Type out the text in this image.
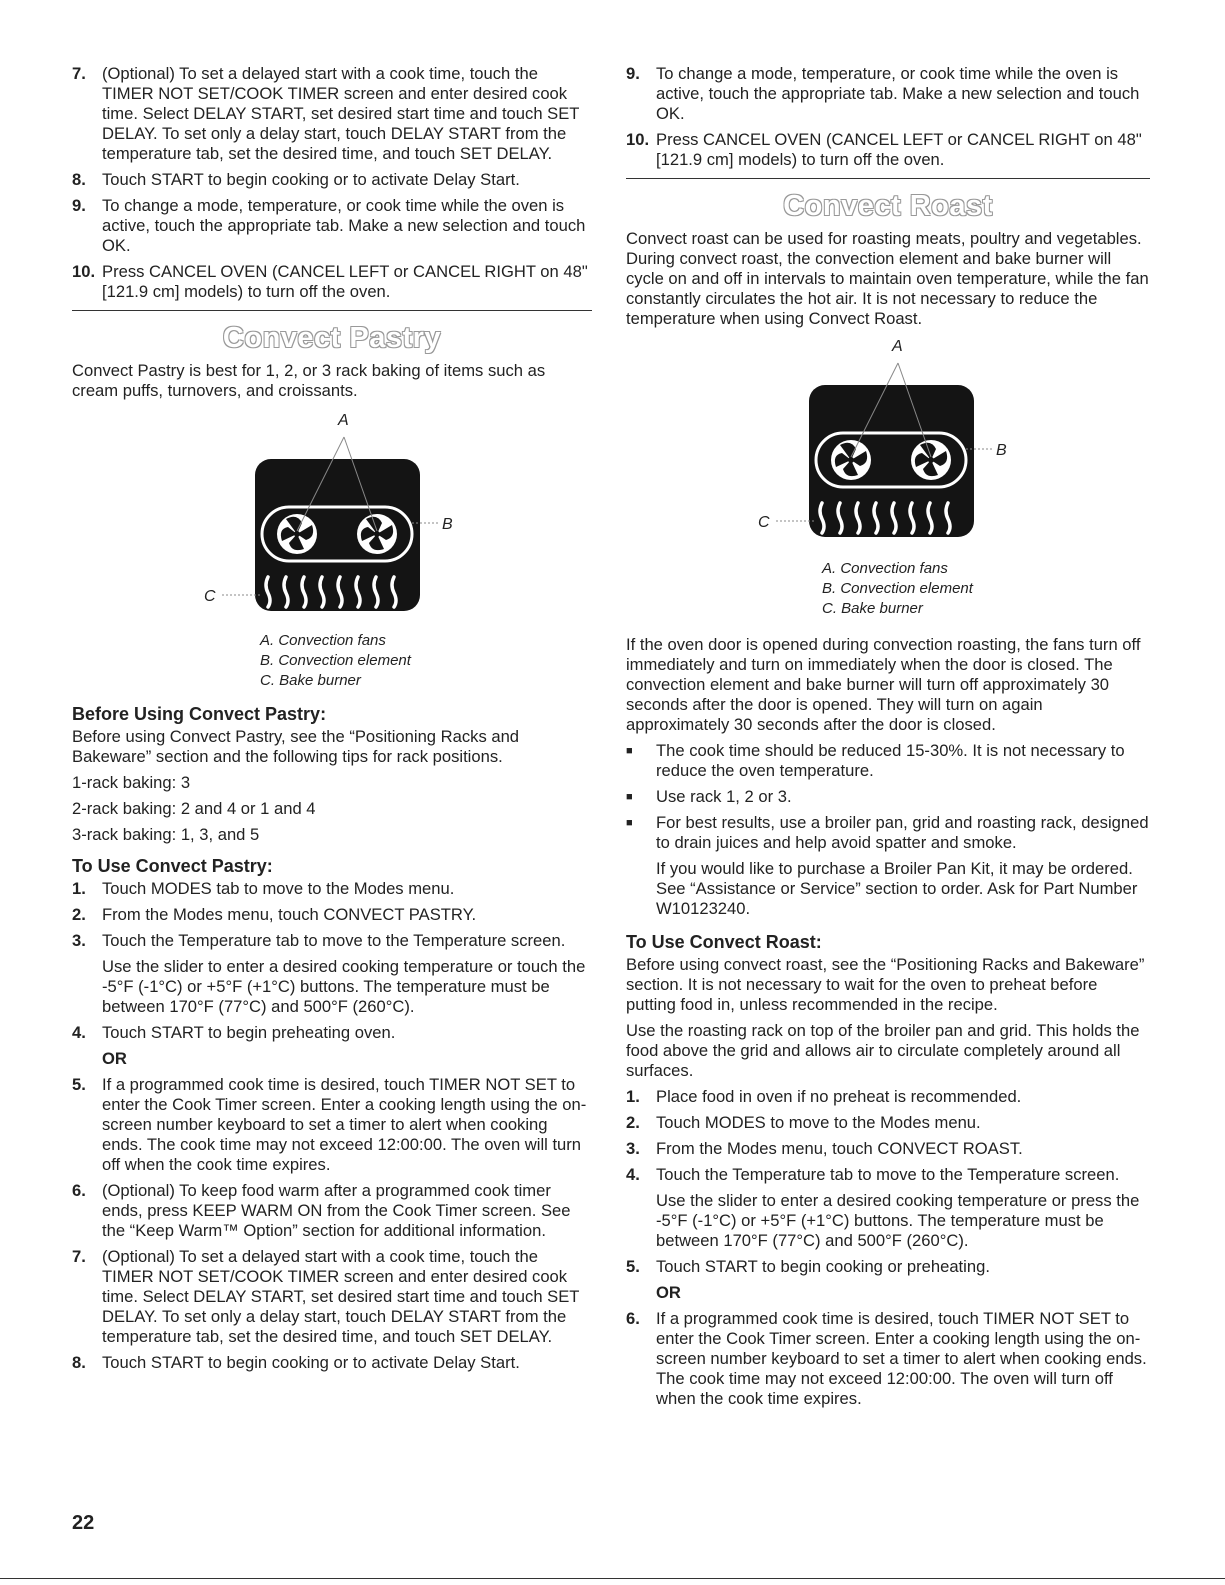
7. (Optional) To set a delayed start with a cook time, touch the TIMER NOT SET/COOK TIMER screen and enter desired cook time. Select DELAY START, set desired start time and touch SET DELAY. To set only a delay start, touch DELAY START from the temperature tab, set the desired time, and touch SET DELAY.
8. Touch START to begin cooking or to activate Delay Start.
9. To change a mode, temperature, or cook time while the oven is active, touch the appropriate tab. Make a new selection and touch OK.
10. Press CANCEL OVEN (CANCEL LEFT or CANCEL RIGHT on 48" [121.9 cm] models) to turn off the oven.
Convect Pastry

Convect Pastry is best for 1, 2, or 3 rack baking of items such as cream puffs, turnovers, and croissants.

A
B
C
A. Convection fans
B. Convection element
C. Bake burner
Before Using Convect Pastry:

Before using Convect Pastry, see the “Positioning Racks and Bakeware” section and the following tips for rack positions.

1-rack baking: 3

2-rack baking: 2 and 4 or 1 and 4

3-rack baking: 1, 3, and 5

To Use Convect Pastry:
1. Touch MODES tab to move to the Modes menu.
2. From the Modes menu, touch CONVECT PASTRY.
3. Touch the Temperature tab to move to the Temperature screen.

Use the slider to enter a desired cooking temperature or touch the -5°F (-1°C) or +5°F (+1°C) buttons. The temperature must be between 170°F (77°C) and 500°F (260°C).

4. Touch START to begin preheating oven.
OR
5. If a programmed cook time is desired, touch TIMER NOT SET to enter the Cook Timer screen. Enter a cooking length using the on-screen number keyboard to set a timer to alert when cooking ends. The cook time may not exceed 12:00:00. The oven will turn off when the cook time expires.
6. (Optional) To keep food warm after a programmed cook timer ends, press KEEP WARM ON from the Cook Timer screen. See the “Keep Warm™ Option” section for additional information.
7. (Optional) To set a delayed start with a cook time, touch the TIMER NOT SET/COOK TIMER screen and enter desired cook time. Select DELAY START, set desired start time and touch SET DELAY. To set only a delay start, touch DELAY START from the temperature tab, set the desired time, and touch SET DELAY.
8. Touch START to begin cooking or to activate Delay Start.
9. To change a mode, temperature, or cook time while the oven is active, touch the appropriate tab. Make a new selection and touch OK.
10. Press CANCEL OVEN (CANCEL LEFT or CANCEL RIGHT on 48" [121.9 cm] models) to turn off the oven.
Convect Roast

Convect roast can be used for roasting meats, poultry and vegetables. During convect roast, the convection element and bake burner will cycle on and off in intervals to maintain oven temperature, while the fan constantly circulates the hot air. It is not necessary to reduce the temperature when using Convect Roast.

A
B
C
A. Convection fans
B. Convection element
C. Bake burner

If the oven door is opened during convection roasting, the fans turn off immediately and turn on immediately when the door is closed. The convection element and bake burner will turn off approximately 30 seconds after the door is opened. They will turn on again approximately 30 seconds after the door is closed.

■	The cook time should be reduced 15-30%. It is not necessary to reduce the oven temperature.
■	Use rack 1, 2 or 3.
■	For best results, use a broiler pan, grid and roasting rack, designed to drain juices and help avoid spatter and smoke.

If you would like to purchase a Broiler Pan Kit, it may be ordered. See “Assistance or Service” section to order. Ask for Part Number W10123240.

To Use Convect Roast:

Before using convect roast, see the “Positioning Racks and Bakeware” section. It is not necessary to wait for the oven to preheat before putting food in, unless recommended in the recipe.

Use the roasting rack on top of the broiler pan and grid. This holds the food above the grid and allows air to circulate completely around all surfaces.

1. Place food in oven if no preheat is recommended.
2. Touch MODES to move to the Modes menu.
3. From the Modes menu, touch CONVECT ROAST.
4. Touch the Temperature tab to move to the Temperature screen.

Use the slider to enter a desired cooking temperature or press the -5°F (-1°C) or +5°F (+1°C) buttons. The temperature must be between 170°F (77°C) and 500°F (260°C).

5. Touch START to begin cooking or preheating.
OR
6. If a programmed cook time is desired, touch TIMER NOT SET to enter the Cook Timer screen. Enter a cooking length using the on-screen number keyboard to set a timer to alert when cooking ends. The cook time may not exceed 12:00:00. The oven will turn off when the cook time expires.
22
